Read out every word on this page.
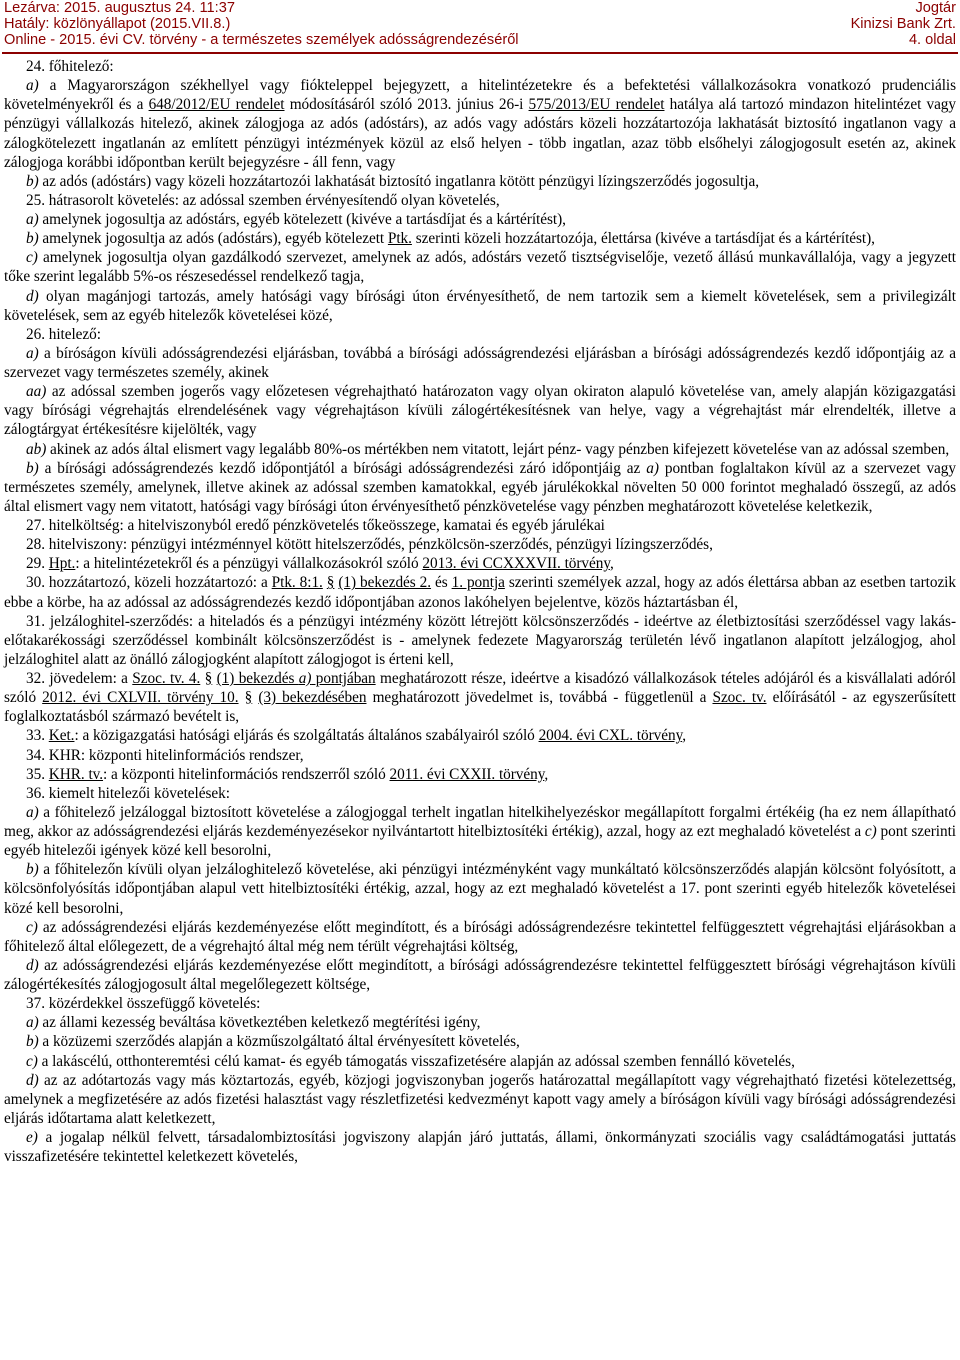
Lezárva: 2015. augusztus 24. 11:37
Hatály: közlönyállapot (2015.VII.8.)
Online - 2015. évi CV. törvény - a természetes személyek adósságrendezéséről
Jogtár
Kinizsi Bank Zrt.
4. oldal

24. főhitelező:

a) a Magyarországon székhellyel vagy fiókteleppel bejegyzett, a hitelintézetekre és a befektetési vállalkozásokra vonatkozó prudenciális követelményekről és a 648/2012/EU rendelet módosításáról szóló 2013. június 26-i 575/2013/EU rendelet hatálya alá tartozó mindazon hitelintézet vagy pénzügyi vállalkozás hitelező, akinek zálogjoga az adós (adóstárs), az adós vagy adóstárs közeli hozzátartozója lakhatását biztosító ingatlanon vagy a zálogkötelezett ingatlanán az említett pénzügyi intézmények közül az első helyen - több ingatlan, azaz több elsőhelyi zálogjogosult esetén az, akinek zálogjoga korábbi időpontban került bejegyzésre - áll fenn, vagy

b) az adós (adóstárs) vagy közeli hozzátartozói lakhatását biztosító ingatlanra kötött pénzügyi lízingszerződés jogosultja,

25. hátrasorolt követelés: az adóssal szemben érvényesítendő olyan követelés,

a) amelynek jogosultja az adóstárs, egyéb kötelezett (kivéve a tartásdíjat és a kártérítést),

b) amelynek jogosultja az adós (adóstárs), egyéb kötelezett Ptk. szerinti közeli hozzátartozója, élettársa (kivéve a tartásdíjat és a kártérítést),

c) amelynek jogosultja olyan gazdálkodó szervezet, amelynek az adós, adóstárs vezető tisztségviselője, vezető állású munkavállalója, vagy a jegyzett tőke szerint legalább 5%-os részesedéssel rendelkező tagja,

d) olyan magánjogi tartozás, amely hatósági vagy bírósági úton érvényesíthető, de nem tartozik sem a kiemelt követelések, sem a privilegizált követelések, sem az egyéb hitelezők követelései közé,

26. hitelező:

a) a bíróságon kívüli adósságrendezési eljárásban, továbbá a bírósági adósságrendezési eljárásban a bírósági adósságrendezés kezdő időpontjáig az a szervezet vagy természetes személy, akinek

aa) az adóssal szemben jogerős vagy előzetesen végrehajtható határozaton vagy olyan okiraton alapuló követelése van, amely alapján közigazgatási vagy bírósági végrehajtás elrendelésének vagy végrehajtáson kívüli zálogértékesítésnek van helye, vagy a végrehajtást már elrendelték, illetve a zálogtárgyat értékesítésre kijelölték, vagy

ab) akinek az adós által elismert vagy legalább 80%-os mértékben nem vitatott, lejárt pénz- vagy pénzben kifejezett követelése van az adóssal szemben,

b) a bírósági adósságrendezés kezdő időpontjától a bírósági adósságrendezési záró időpontjáig az a) pontban foglaltakon kívül az a szervezet vagy természetes személy, amelynek, illetve akinek az adóssal szemben kamatokkal, egyéb járulékokkal növelten 50 000 forintot meghaladó összegű, az adós által elismert vagy nem vitatott, hatósági vagy bírósági úton érvényesíthető pénzkövetelése vagy pénzben meghatározott követelése keletkezik,

27. hitelköltség: a hitelviszonyból eredő pénzkövetelés tőkeösszege, kamatai és egyéb járulékai

28. hitelviszony: pénzügyi intézménnyel kötött hitelszerződés, pénzkölcsön-szerződés, pénzügyi lízingszerződés,

29. Hpt.: a hitelintézetekről és a pénzügyi vállalkozásokról szóló 2013. évi CCXXXVII. törvény,

30. hozzátartozó, közeli hozzátartozó: a Ptk. 8:1. § (1) bekezdés 2. és 1. pontja szerinti személyek azzal, hogy az adós élettársa abban az esetben tartozik ebbe a körbe, ha az adóssal az adósságrendezés kezdő időpontjában azonos lakóhelyen bejelentve, közös háztartásban él,

31. jelzáloghitel-szerződés: a hiteladós és a pénzügyi intézmény között létrejött kölcsönszerződés - ideértve az életbiztosítási szerződéssel vagy lakás-előtakarékossági szerződéssel kombinált kölcsönszerződést is - amelynek fedezete Magyarország területén lévő ingatlanon alapított jelzálogjog, ahol jelzáloghitel alatt az önálló zálogjogként alapított zálogjogot is érteni kell,

32. jövedelem: a Szoc. tv. 4. § (1) bekezdés a) pontjában meghatározott része, ideértve a kisadózó vállalkozások tételes adójáról és a kisvállalati adóról szóló 2012. évi CXLVII. törvény 10. § (3) bekezdésében meghatározott jövedelmet is, továbbá - függetlenül a Szoc. tv. előírásától - az egyszerűsített foglalkoztatásból származó bevételt is,

33. Ket.: a közigazgatási hatósági eljárás és szolgáltatás általános szabályairól szóló 2004. évi CXL. törvény,

34. KHR: központi hitelinformációs rendszer,

35. KHR. tv.: a központi hitelinformációs rendszerről szóló 2011. évi CXXII. törvény,

36. kiemelt hitelezői követelések:

a) a főhitelező jelzáloggal biztosított követelése a zálogjoggal terhelt ingatlan hitelkihelyezéskor megállapított forgalmi értékéig (ha ez nem állapítható meg, akkor az adósságrendezési eljárás kezdeményezésekor nyilvántartott hitelbiztosítéki értékig), azzal, hogy az ezt meghaladó követelést a c) pont szerinti egyéb hitelezői igények közé kell besorolni,

b) a főhitelezőn kívüli olyan jelzáloghitelező követelése, aki pénzügyi intézményként vagy munkáltató kölcsönszerződés alapján kölcsönt folyósított, a kölcsönfolyósítás időpontjában alapul vett hitelbiztosítéki értékig, azzal, hogy az ezt meghaladó követelést a 17. pont szerinti egyéb hitelezők követelései közé kell besorolni,

c) az adósságrendezési eljárás kezdeményezése előtt megindított, és a bírósági adósságrendezésre tekintettel felfüggesztett végrehajtási eljárásokban a főhitelező által előlegezett, de a végrehajtó által még nem térült végrehajtási költség,

d) az adósságrendezési eljárás kezdeményezése előtt megindított, a bírósági adósságrendezésre tekintettel felfüggesztett bírósági végrehajtáson kívüli zálogértékesítés zálogjogosult által megelőlegezett költsége,

37. közérdekkel összefüggő követelés:

a) az állami kezesség beváltása következtében keletkező megtérítési igény,

b) a közüzemi szerződés alapján a közműszolgáltató által érvényesített követelés,

c) a lakáscélú, otthonteremtési célú kamat- és egyéb támogatás visszafizetésére alapján az adóssal szemben fennálló követelés,

d) az az adótartozás vagy más köztartozás, egyéb, közjogi jogviszonyban jogerős határozattal megállapított vagy végrehajtható fizetési kötelezettség, amelynek a megfizetésére az adós fizetési halasztást vagy részletfizetési kedvezményt kapott vagy amely a bíróságon kívüli vagy bírósági adósságrendezési eljárás időtartama alatt keletkezett,

e) a jogalap nélkül felvett, társadalombiztosítási jogviszony alapján járó juttatás, állami, önkormányzati szociális vagy családtámogatási juttatás visszafizetésére tekintettel keletkezett követelés,
